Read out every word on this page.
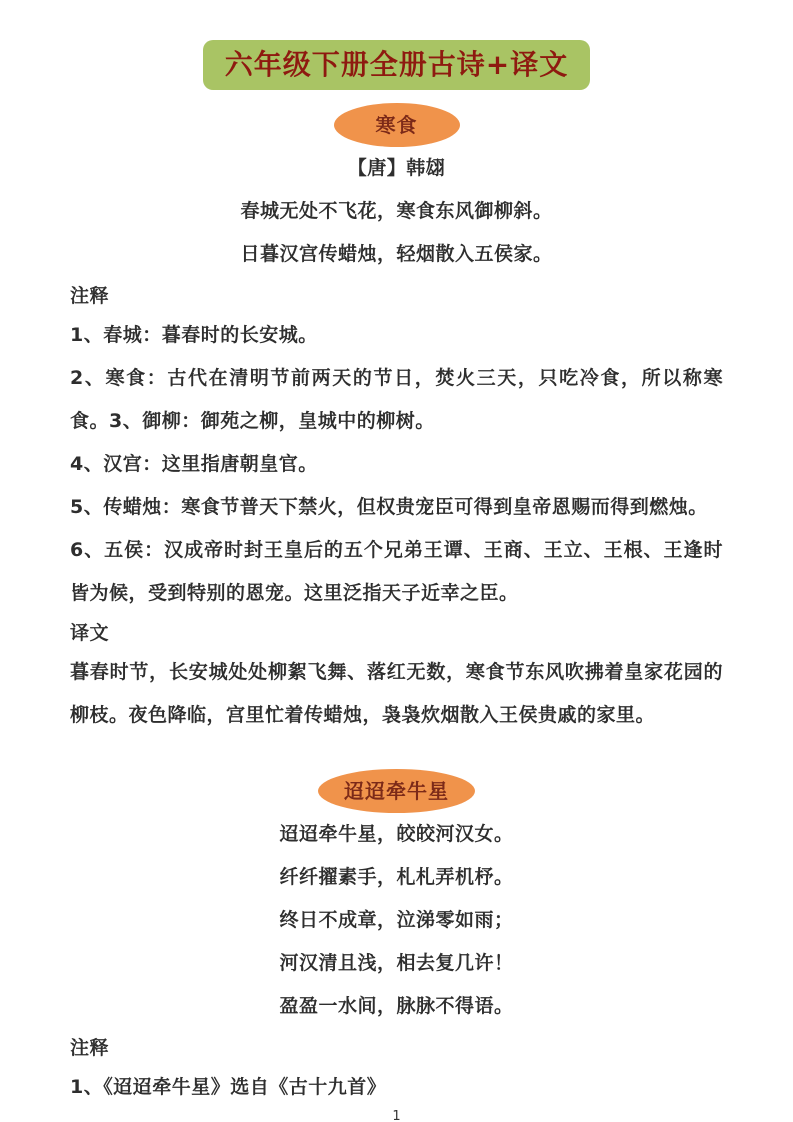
六年级下册全册古诗+译文
寒食
【唐】韩翃
春城无处不飞花，寒食东风御柳斜。
日暮汉宫传蜡烛，轻烟散入五侯家。
注释
1、春城：暮春时的长安城。
2、寒食：古代在清明节前两天的节日，焚火三天，只吃冷食，所以称寒食。3、御柳：御苑之柳，皇城中的柳树。
4、汉宫：这里指唐朝皇官。
5、传蜡烛：寒食节普天下禁火，但权贵宠臣可得到皇帝恩赐而得到燃烛。
6、五侯：汉成帝时封王皇后的五个兄弟王谭、王商、王立、王根、王逢时皆为候，受到特别的恩宠。这里泛指天子近幸之臣。
译文
暮春时节，长安城处处柳絮飞舞、落红无数，寒食节东风吹拂着皇家花园的柳枝。夜色降临，宫里忙着传蜡烛，袅袅炊烟散入王侯贵戚的家里。
迢迢牵牛星
迢迢牵牛星，皎皎河汉女。
纤纤擢素手，札札弄机杼。
终日不成章，泣涕零如雨；
河汉清且浅，相去复几许！
盈盈一水间，脉脉不得语。
注释
1、《迢迢牵牛星》选自《古十九首》
1
